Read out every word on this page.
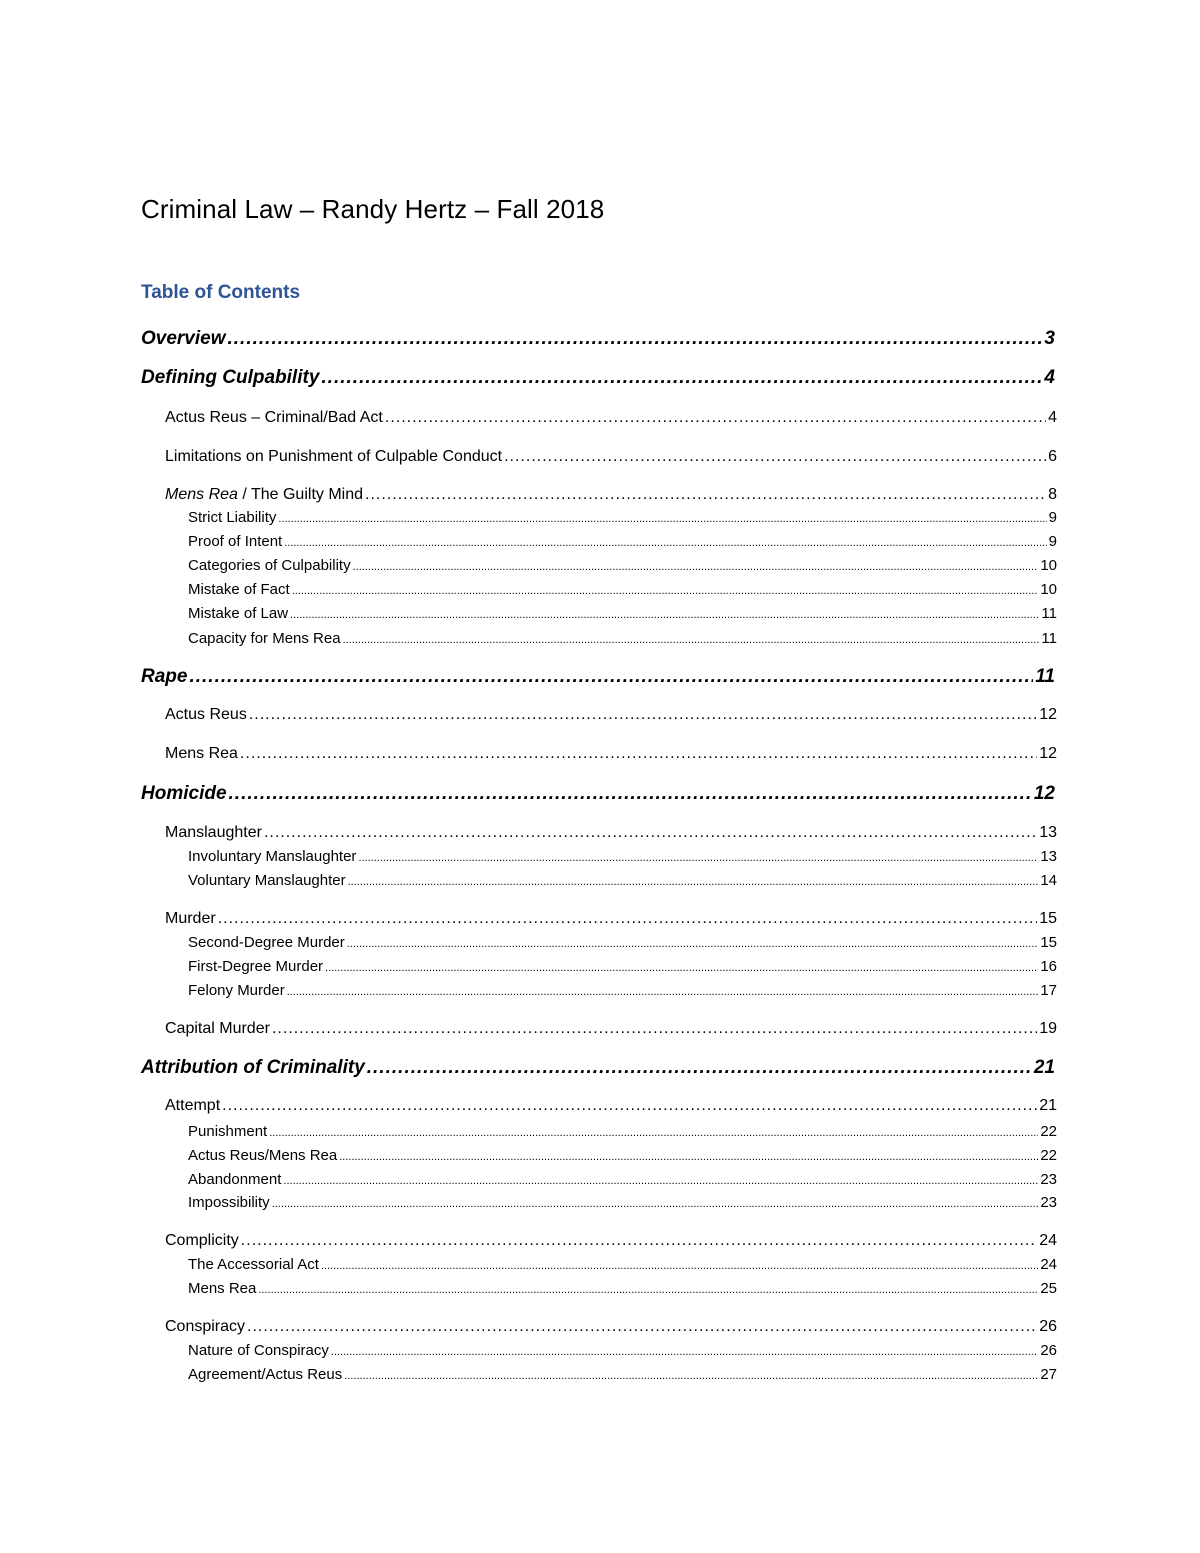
Criminal Law – Randy Hertz – Fall 2018
Table of Contents
Overview .....	3
Defining Culpability .....	4
Actus Reus – Criminal/Bad Act .....	4
Limitations on Punishment of Culpable Conduct .....	6
Mens Rea / The Guilty Mind .....	8
Strict Liability .....	9
Proof of Intent .....	9
Categories of Culpability .....	10
Mistake of Fact .....	10
Mistake of Law .....	11
Capacity for Mens Rea .....	11
Rape .....	11
Actus Reus .....	12
Mens Rea .....	12
Homicide .....	12
Manslaughter .....	13
Involuntary Manslaughter .....	13
Voluntary Manslaughter .....	14
Murder .....	15
Second-Degree Murder .....	15
First-Degree Murder .....	16
Felony Murder .....	17
Capital Murder .....	19
Attribution of Criminality .....	21
Attempt .....	21
Punishment .....	22
Actus Reus/Mens Rea .....	22
Abandonment .....	23
Impossibility .....	23
Complicity .....	24
The Accessorial Act .....	24
Mens Rea .....	25
Conspiracy .....	26
Nature of Conspiracy .....	26
Agreement/Actus Reus .....	27
